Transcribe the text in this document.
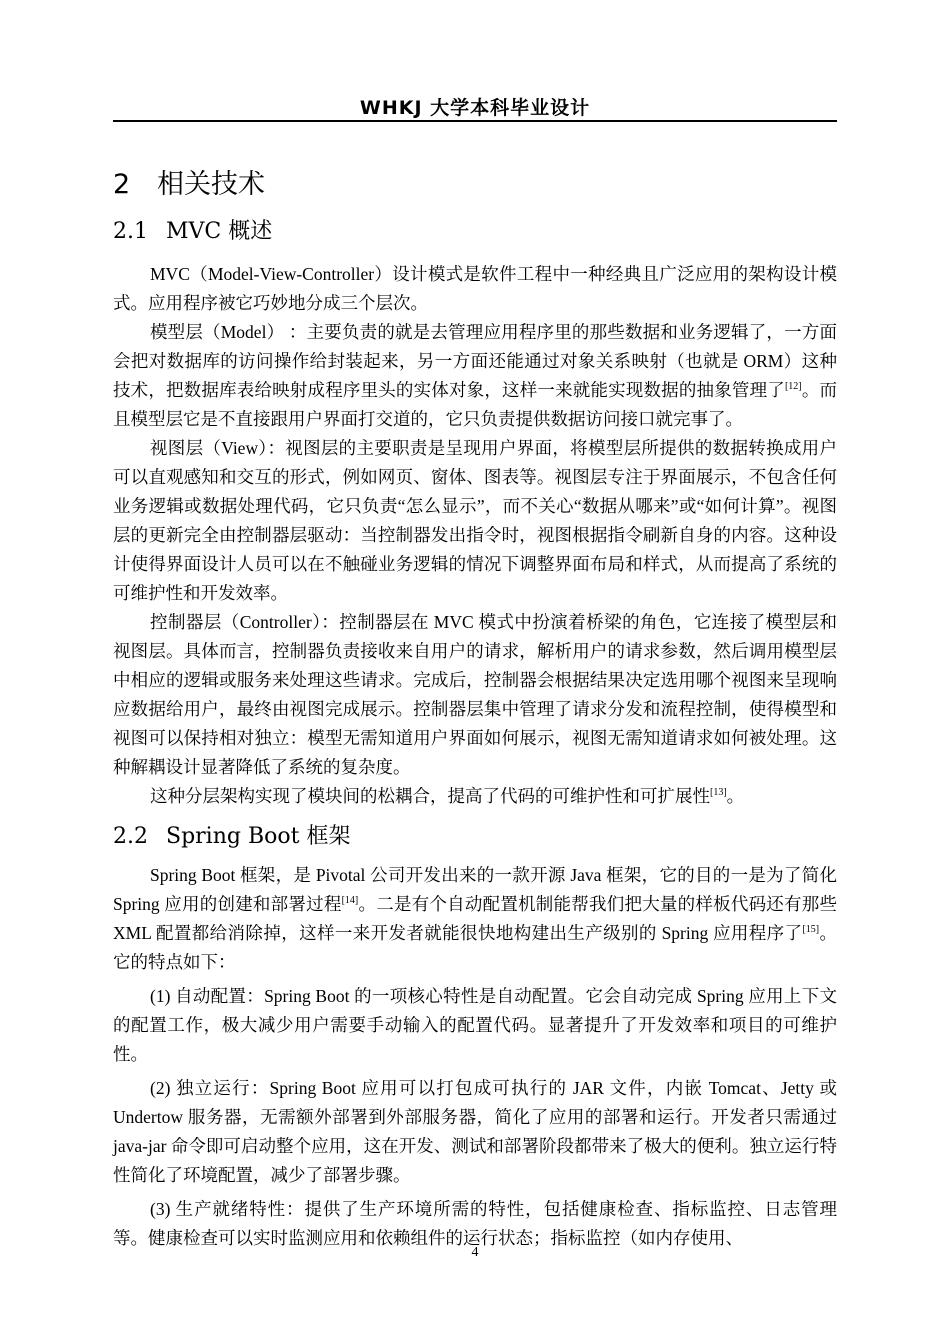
WHKJ 大学本科毕业设计
2 相关技术
2.1 MVC 概述

MVC（Model-View-Controller）设计模式是软件工程中一种经典且广泛应用的架构设计模式。应用程序被它巧妙地分成三个层次。

模型层（Model） ：主要负责的就是去管理应用程序里的那些数据和业务逻辑了，一方面会把对数据库的访问操作给封装起来，另一方面还能通过对象关系映射（也就是 ORM）这种技术，把数据库表给映射成程序里头的实体对象，这样一来就能实现数据的抽象管理了[12]。而且模型层它是不直接跟用户界面打交道的，它只负责提供数据访问接口就完事了。

视图层（View）：视图层的主要职责是呈现用户界面，将模型层所提供的数据转换成用户可以直观感知和交互的形式，例如网页、窗体、图表等。视图层专注于界面展示，不包含任何业务逻辑或数据处理代码，它只负责“怎么显示”，而不关心“数据从哪来”或“如何计算”。视图层的更新完全由控制器层驱动：当控制器发出指令时，视图根据指令刷新自身的内容。这种设计使得界面设计人员可以在不触碰业务逻辑的情况下调整界面布局和样式，从而提高了系统的可维护性和开发效率。

控制器层（Controller）：控制器层在 MVC 模式中扮演着桥梁的角色，它连接了模型层和视图层。具体而言，控制器负责接收来自用户的请求，解析用户的请求参数，然后调用模型层中相应的逻辑或服务来处理这些请求。完成后，控制器会根据结果决定选用哪个视图来呈现响应数据给用户，最终由视图完成展示。控制器层集中管理了请求分发和流程控制，使得模型和视图可以保持相对独立：模型无需知道用户界面如何展示，视图无需知道请求如何被处理。这种解耦设计显著降低了系统的复杂度。

这种分层架构实现了模块间的松耦合，提高了代码的可维护性和可扩展性[13]。

2.2 Spring Boot 框架

Spring Boot 框架，是 Pivotal 公司开发出来的一款开源 Java 框架，它的目的一是为了简化 Spring 应用的创建和部署过程[14]。二是有个自动配置机制能帮我们把大量的样板代码还有那些 XML 配置都给消除掉，这样一来开发者就能很快地构建出生产级别的 Spring 应用程序了[15]。它的特点如下：

(1) 自动配置：Spring Boot 的一项核心特性是自动配置。它会自动完成 Spring 应用上下文的配置工作，极大减少用户需要手动输入的配置代码。显著提升了开发效率和项目的可维护性。

(2) 独立运行：Spring Boot 应用可以打包成可执行的 JAR 文件，内嵌 Tomcat、Jetty 或 Undertow 服务器，无需额外部署到外部服务器，简化了应用的部署和运行。开发者只需通过 java-jar 命令即可启动整个应用，这在开发、测试和部署阶段都带来了极大的便利。独立运行特性简化了环境配置，减少了部署步骤。

(3) 生产就绪特性：提供了生产环境所需的特性，包括健康检查、指标监控、日志管理等。健康检查可以实时监测应用和依赖组件的运行状态；指标监控（如内存使用、

4
